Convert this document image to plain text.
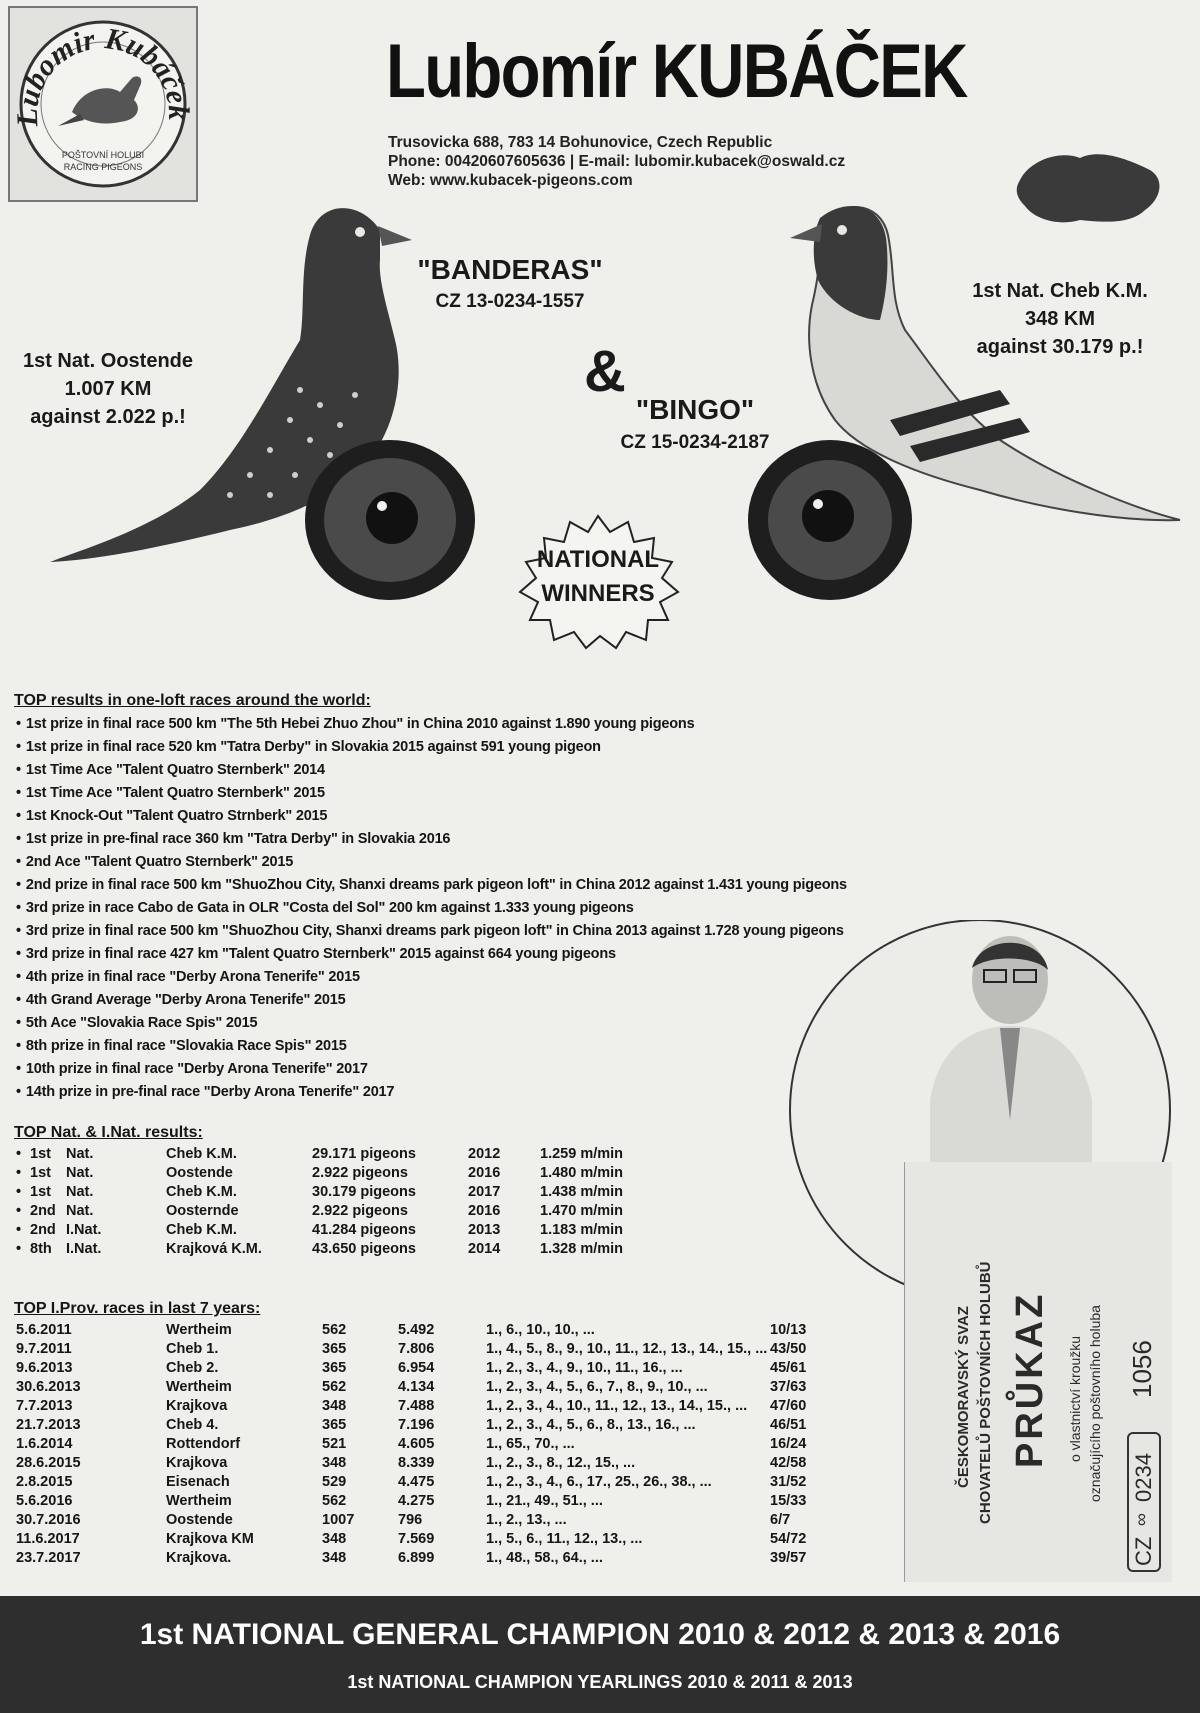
Lubomir Kubáček
POŠTOVNÍ HOLUBI
RACING PIGEONS
Lubomír KUBÁČEK
Trusovicka 688, 783 14 Bohunovice, Czech Republic
Phone: 00420607605636 | E-mail: lubomir.kubacek@oswald.cz
Web: www.kubacek-pigeons.com
"BANDERAS"
CZ 13-0234-1557
1st Nat. Oostende
1.007 KM
against 2.022 p.!
&
"BINGO"
CZ 15-0234-2187
1st Nat. Cheb K.M.
348 KM
against 30.179 p.!
NATIONAL
WINNERS
TOP results in one-loft races around the world:
• 1st prize in final race 500 km "The 5th Hebei Zhuo Zhou" in China 2010 against 1.890 young pigeons
• 1st prize in final race 520 km "Tatra Derby" in Slovakia 2015 against 591 young pigeon
• 1st Time Ace "Talent Quatro Sternberk" 2014
• 1st Time Ace "Talent Quatro Sternberk" 2015
• 1st Knock-Out "Talent Quatro Strnberk" 2015
• 1st prize in pre-final race 360 km "Tatra Derby" in Slovakia 2016
• 2nd Ace "Talent Quatro Sternberk" 2015
• 2nd prize in final race 500 km "ShuoZhou City, Shanxi dreams park pigeon loft" in China 2012 against 1.431 young pigeons
• 3rd prize in race Cabo de Gata in OLR "Costa del Sol" 200 km against 1.333 young pigeons
• 3rd prize in final race 500 km "ShuoZhou City, Shanxi dreams park pigeon loft" in China 2013 against 1.728 young pigeons
• 3rd prize in final race 427 km "Talent Quatro Sternberk" 2015 against 664 young pigeons
• 4th prize in final race "Derby Arona Tenerife" 2015
• 4th Grand Average "Derby Arona Tenerife" 2015
• 5th Ace "Slovakia Race Spis" 2015
• 8th prize in final race "Slovakia Race Spis" 2015
• 10th prize in final race "Derby Arona Tenerife" 2017
• 14th prize in pre-final race "Derby Arona Tenerife" 2017
TOP Nat. & I.Nat. results:
1st Nat.	Cheb K.M.	29.171 pigeons	2012	1.259 m/min
•
1st Nat.	Oostende	2.922 pigeons	2016	1.480 m/min
•
1st Nat.	Cheb K.M.	30.179 pigeons	2017	1.438 m/min
•
2nd Nat.	Oosternde	2.922 pigeons	2016	1.470 m/min
•
2nd I.Nat.	Cheb K.M.	41.284 pigeons	2013	1.183 m/min
•
8th I.Nat.	Krajková K.M.	43.650 pigeons	2014	1.328 m/min
•
TOP I.Prov. races in last 7 years:
5.6.2011	Wertheim	562	5.492	1., 6., 10., 10., ...	10/13
9.7.2011	Cheb 1.	365	7.806	1., 4., 5., 8., 9., 10., 11., 12., 13., 14., 15., ... 43/50
9.6.2013	Cheb 2.	365	6.954	1., 2., 3., 4., 9., 10., 11., 16., ...	45/61
30.6.2013	Wertheim	562	4.134	1., 2., 3., 4., 5., 6., 7., 8., 9., 10., ...	37/63
7.7.2013	Krajkova	348	7.488	1., 2., 3., 4., 10., 11., 12., 13., 14., 15., ... 47/60
21.7.2013	Cheb 4.	365	7.196	1., 2., 3., 4., 5., 6., 8., 13., 16., ...	46/51
1.6.2014	Rottendorf	521	4.605	1., 65., 70., ...	16/24
28.6.2015	Krajkova	348	8.339	1., 2., 3., 8., 12., 15., ...	42/58
2.8.2015	Eisenach	529	4.475	1., 2., 3., 4., 6., 17., 25., 26., 38., ...	31/52
5.6.2016	Wertheim	562	4.275	1., 21., 49., 51., ...	15/33
30.7.2016	Oostende	1007	796	1., 2., 13., ...	6/7
11.6.2017	Krajkova KM	348	7.569	1., 5., 6., 11., 12., 13., ...	54/72
23.7.2017	Krajkova.	348	6.899	1., 48., 58., 64., ...	39/57
ČESKOMORAVSKÝ SVAZ CHOVATELŮ POŠTOVNÍCH HOLUBŮ PRŮKAZ o vlastnictví kroužku označujícího poštovního holuba
CZ
∞
0234
1056
1st NATIONAL GENERAL CHAMPION 2010 & 2012 & 2013 & 2016
1st NATIONAL CHAMPION YEARLINGS 2010 & 2011 & 2013
